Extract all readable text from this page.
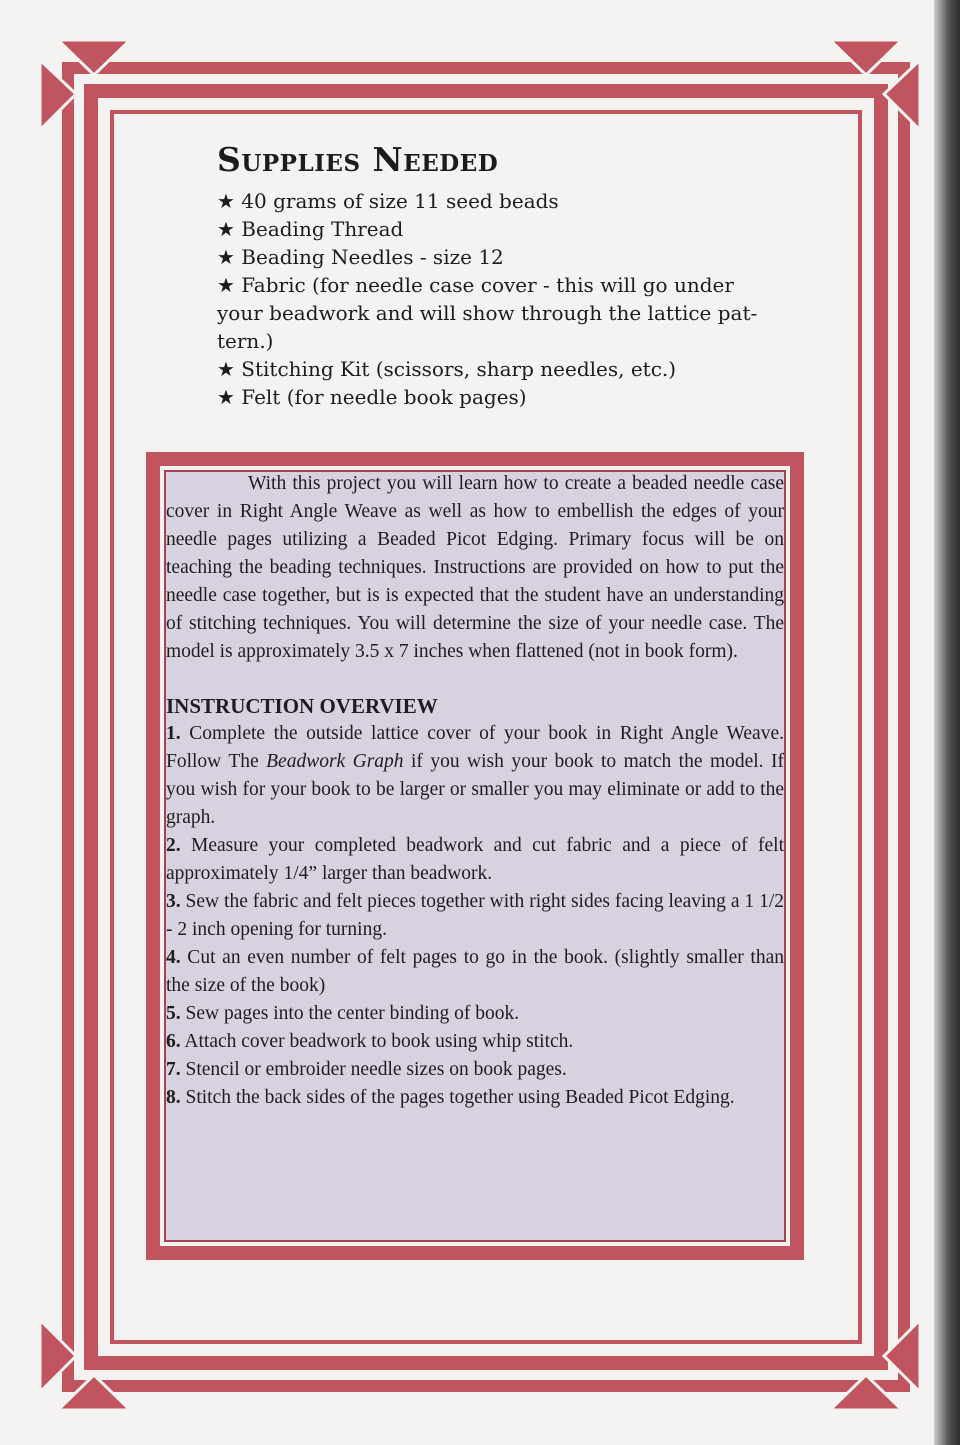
Supplies Needed
★ 40 grams of size 11 seed beads
★ Beading Thread
★ Beading Needles - size 12
★ Fabric (for needle case cover - this will go under your beadwork and will show through the lattice pattern.)
★ Stitching Kit (scissors, sharp needles, etc.)
★ Felt (for needle book pages)

With this project you will learn how to create a beaded needle case cover in Right Angle Weave as well as how to embellish the edges of your needle pages utilizing a Beaded Picot Edging. Primary focus will be on teaching the beading techniques. Instructions are provided on how to put the needle case together, but is is expected that the student have an understanding of stitching techniques. You will determine the size of your needle case. The model is approximately 3.5 x 7 inches when flattened (not in book form).

INSTRUCTION OVERVIEW
1. Complete the outside lattice cover of your book in Right Angle Weave. Follow The Beadwork Graph if you wish your book to match the model. If you wish for your book to be larger or smaller you may eliminate or add to the graph.
2. Measure your completed beadwork and cut fabric and a piece of felt approximately 1/4” larger than beadwork.
3. Sew the fabric and felt pieces together with right sides facing leaving a 1 1/2 - 2 inch opening for turning.
4. Cut an even number of felt pages to go in the book. (slightly smaller than the size of the book)
5. Sew pages into the center binding of book.
6. Attach cover beadwork to book using whip stitch.
7. Stencil or embroider needle sizes on book pages.
8. Stitch the back sides of the pages together using Beaded Picot Edging.
